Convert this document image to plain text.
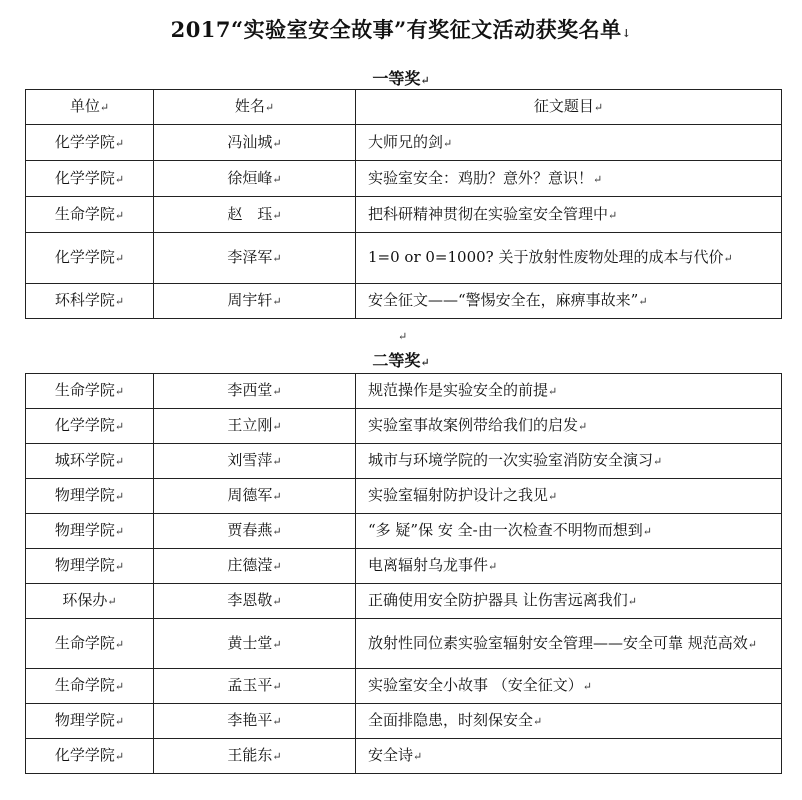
2017“实验室安全故事”有奖征文活动获奖名单↓
一等奖↵
单位↵	姓名↵	征文题目↵
化学学院↵	冯汕城↵	大师兄的剑↵
化学学院↵	徐烜峰↵	实验室安全：鸡肋？意外？意识！↵
生命学院↵	赵　珏↵	把科研精神贯彻在实验室安全管理中↵
化学学院↵	李泽军↵	1=0 or 0=1000? 关于放射性废物处理的成本与代价↵
环科学院↵	周宇轩↵	安全征文——“警惕安全在，麻痹事故来”↵
↵
二等奖↵
生命学院↵	李西堂↵	规范操作是实验安全的前提↵
化学学院↵	王立刚↵	实验室事故案例带给我们的启发↵
城环学院↵	刘雪萍↵	城市与环境学院的一次实验室消防安全演习↵
物理学院↵	周德军↵	实验室辐射防护设计之我见↵
物理学院↵	贾春燕↵	“多 疑”保 安 全-由一次检查不明物而想到↵
物理学院↵	庄德滢↵	电离辐射乌龙事件↵
环保办↵	李恩敬↵	正确使用安全防护器具 让伤害远离我们↵
生命学院↵	黄士堂↵	放射性同位素实验室辐射安全管理——安全可靠 规范高效↵
生命学院↵	孟玉平↵	实验室安全小故事 （安全征文）↵
物理学院↵	李艳平↵	全面排隐患，时刻保安全↵
化学学院↵	王能东↵	安全诗↵
